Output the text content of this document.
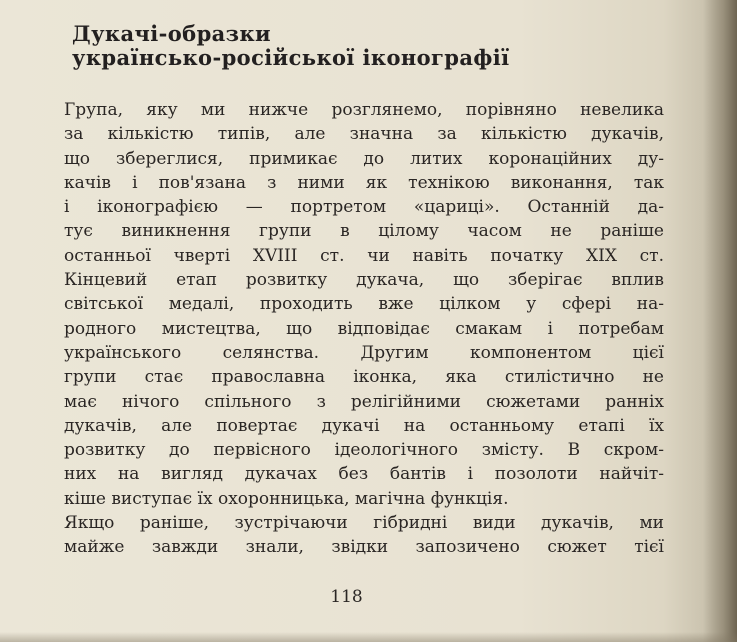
Дукачі-образки
українсько-російської іконографії
Група, яку ми нижче розглянемо, порівняно невелика
за кількістю типів, але значна за кількістю дукачів,
що збереглися, примикає до литих коронаційних ду-
качів і пов'язана з ними як технікою виконання, так
і іконографією — портретом «цариці». Останній да-
тує виникнення групи в цілому часом не раніше
останньої чверті XVIII ст. чи навіть початку XIX ст.
Кінцевий етап розвитку дукача, що зберігає вплив
світської медалі, проходить вже цілком у сфері на-
родного мистецтва, що відповідає смакам і потребам
українського селянства. Другим компонентом цієї
групи стає православна іконка, яка стилістично не
має нічого спільного з релігійними сюжетами ранніх
дукачів, але повертає дукачі на останньому етапі їх
розвитку до первісного ідеологічного змісту. В скром-
них на вигляд дукачах без бантів і позолоти найчіт-
кіше виступає їх охоронницька, магічна функція.
Якщо раніше, зустрічаючи гібридні види дукачів, ми
майже завжди знали, звідки запозичено сюжет тієї
118
